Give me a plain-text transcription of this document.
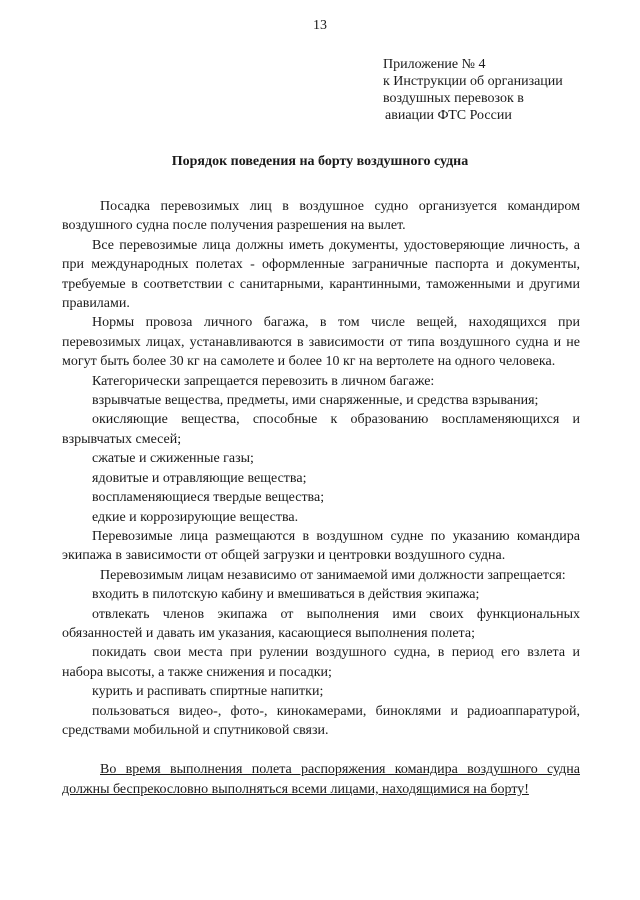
13

Приложение № 4
к Инструкции об организации
воздушных перевозок в
авиации ФТС России
Порядок поведения на борту воздушного судна

Посадка перевозимых лиц в воздушное судно организуется командиром воздушного судна после получения разрешения на вылет.

Все перевозимые лица должны иметь документы, удостоверяющие личность, а при международных полетах - оформленные заграничные паспорта и документы, требуемые в соответствии с санитарными, карантинными, таможенными и другими правилами.

Нормы провоза личного багажа, в том числе вещей, находящихся при перевозимых лицах, устанавливаются в зависимости от типа воздушного судна и не могут быть более 30 кг на самолете и более 10 кг на вертолете на одного человека.

Категорически запрещается перевозить в личном багаже:

взрывчатые вещества, предметы, ими снаряженные, и средства взрывания;

окисляющие вещества, способные к образованию воспламеняющихся и взрывчатых смесей;

сжатые и сжиженные газы;

ядовитые и отравляющие вещества;

воспламеняющиеся твердые вещества;

едкие и коррозирующие вещества.

Перевозимые лица размещаются в воздушном судне по указанию командира экипажа в зависимости от общей загрузки и центровки воздушного судна.

Перевозимым лицам независимо от занимаемой ими должности запрещается:

входить в пилотскую кабину и вмешиваться в действия экипажа;

отвлекать членов экипажа от выполнения ими своих функциональных обязанностей и давать им указания, касающиеся выполнения полета;

покидать свои места при рулении воздушного судна, в период его взлета и набора высоты, а также снижения и посадки;

курить и распивать спиртные напитки;

пользоваться видео-, фото-, кинокамерами, биноклями и радиоаппаратурой, средствами мобильной и спутниковой связи.

Во время выполнения полета распоряжения командира воздушного судна должны беспрекословно выполняться всеми лицами, находящимися на борту!
